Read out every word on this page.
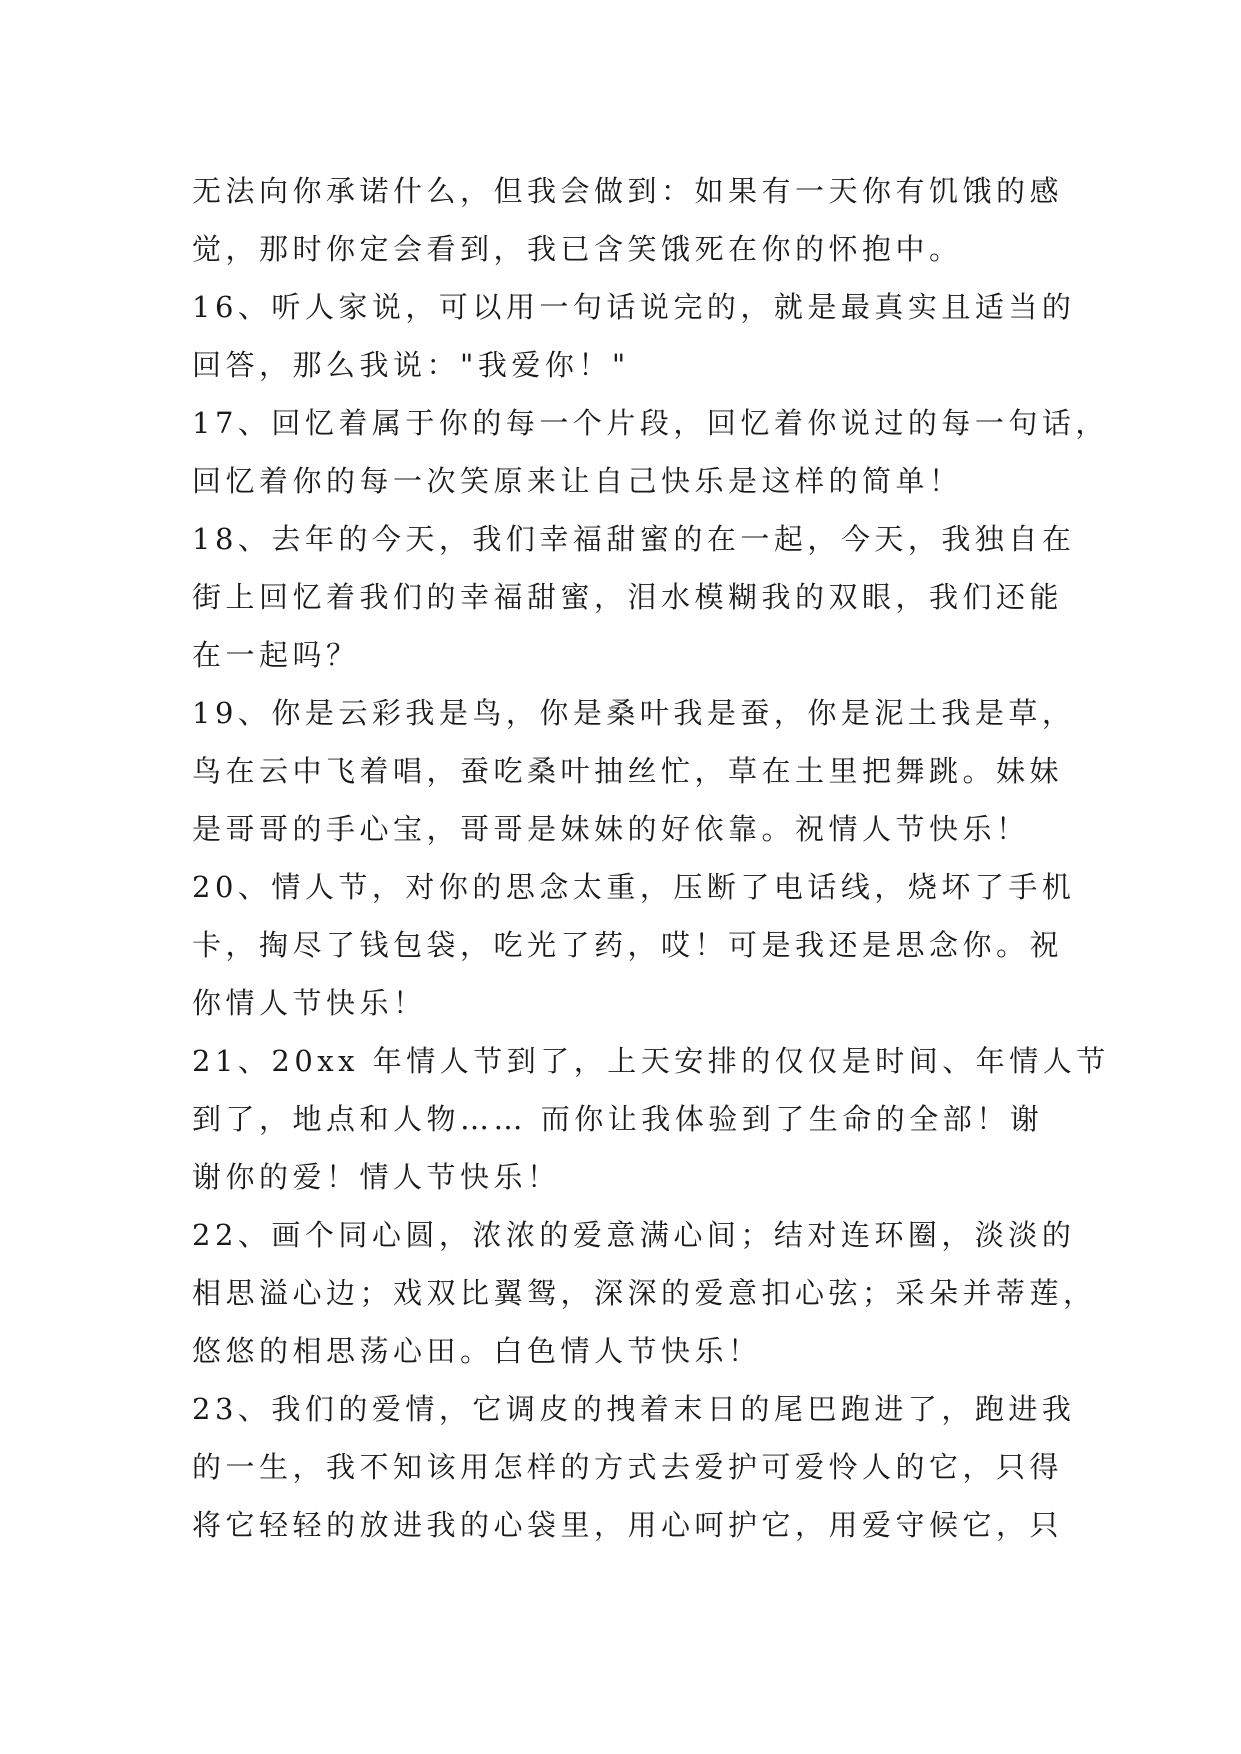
无法向你承诺什么，但我会做到：如果有一天你有饥饿的感
觉，那时你定会看到，我已含笑饿死在你的怀抱中。
16、听人家说，可以用一句话说完的，就是最真实且适当的
回答，那么我说："我爱你！"
17、回忆着属于你的每一个片段，回忆着你说过的每一句话，
回忆着你的每一次笑原来让自己快乐是这样的简单！
18、去年的今天，我们幸福甜蜜的在一起，今天，我独自在
街上回忆着我们的幸福甜蜜，泪水模糊我的双眼，我们还能
在一起吗？
19、你是云彩我是鸟，你是桑叶我是蚕，你是泥土我是草，
鸟在云中飞着唱，蚕吃桑叶抽丝忙，草在土里把舞跳。妹妹
是哥哥的手心宝，哥哥是妹妹的好依靠。祝情人节快乐！
20、情人节，对你的思念太重，压断了电话线，烧坏了手机
卡，掏尽了钱包袋，吃光了药，哎！可是我还是思念你。祝
你情人节快乐！
21、20xx 年情人节到了，上天安排的仅仅是时间、年情人节
到了，地点和人物…… 而你让我体验到了生命的全部！谢
谢你的爱！情人节快乐！
22、画个同心圆，浓浓的爱意满心间；结对连环圈，淡淡的
相思溢心边；戏双比翼鸳，深深的爱意扣心弦；采朵并蒂莲，
悠悠的相思荡心田。白色情人节快乐！
23、我们的爱情，它调皮的拽着末日的尾巴跑进了，跑进我
的一生，我不知该用怎样的方式去爱护可爱怜人的它，只得
将它轻轻的放进我的心袋里，用心呵护它，用爱守候它，只
